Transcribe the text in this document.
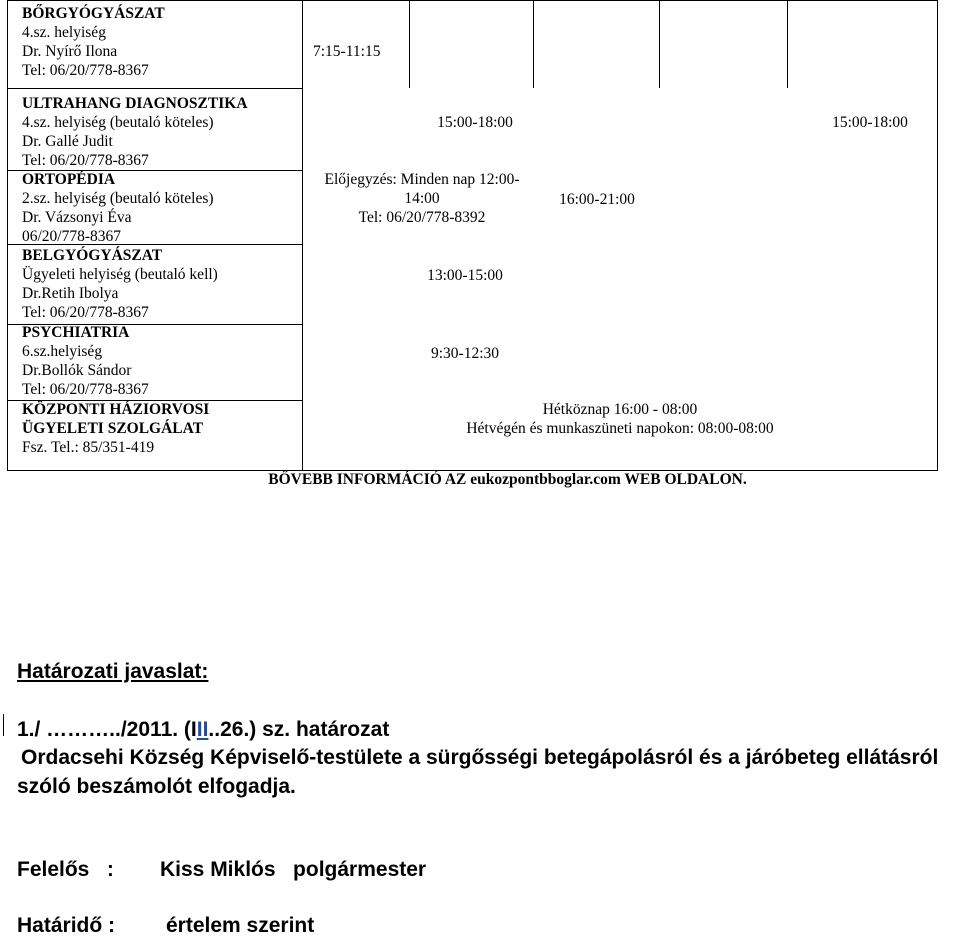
BŐRGYÓGYÁSZAT
4.sz. helyiség
Dr. Nyírő Ilona
Tel: 06/20/778-8367
ULTRAHANG DIAGNOSZTIKA
4.sz. helyiség (beutaló köteles)
Dr. Gallé Judit
Tel: 06/20/778-8367
ORTOPÉDIA
2.sz. helyiség (beutaló köteles)
Dr. Vázsonyi Éva
06/20/778-8367
BELGYÓGYÁSZAT
Ügyeleti helyiség (beutaló kell)
Dr.Retih Ibolya
Tel: 06/20/778-8367
PSYCHIATRIA
6.sz.helyiség
Dr.Bollók Sándor
Tel: 06/20/778-8367
KÖZPONTI HÁZIORVOSI
ÜGYELETI SZOLGÁLAT
Fsz. Tel.: 85/351-419
7:15-11:15
15:00-18:00	15:00-18:00
Előjegyzés: Minden nap 12:00-
14:00
Tel: 06/20/778-8392
16:00-21:00
13:00-15:00
9:30-12:30
Hétköznap 16:00 - 08:00
Hétvégén és munkaszüneti napokon: 08:00-08:00
BŐVEBB INFORMÁCIÓ AZ eukozpontbboglar.com WEB OLDALON.
Határozati javaslat:
1./ ………../2011. (III..26.) sz. határozat
Ordacsehi Község Képviselő-testülete a sürgősségi betegápolásról és a járóbeteg ellátásról
szóló beszámolót elfogadja.
Felelős   : Kiss Miklós   polgármester
Határidő : értelem szerint
